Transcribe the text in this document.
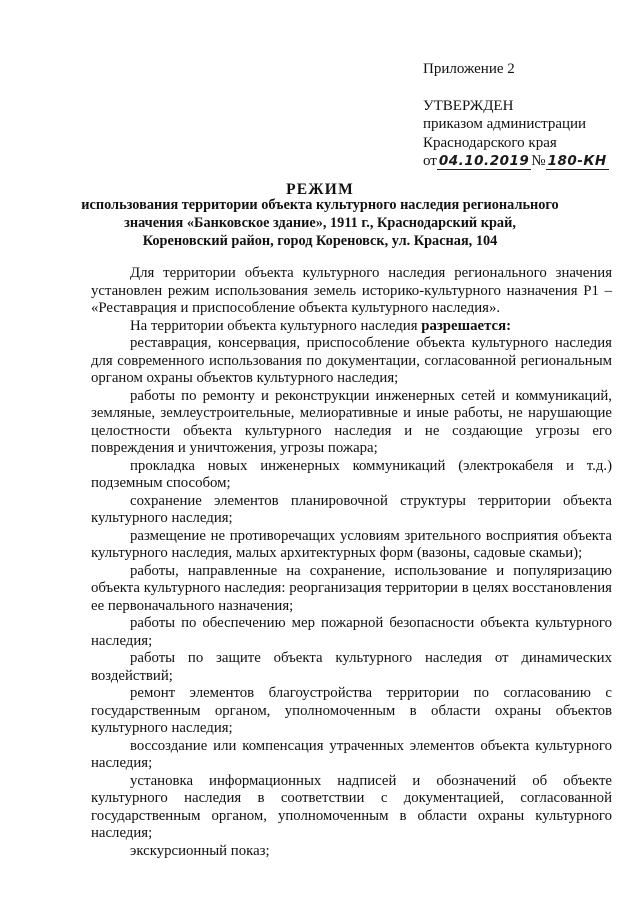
Приложение 2
УТВЕРЖДЕН
приказом администрации
Краснодарского края
от 04.10.2019 № 180-КН
РЕЖИМ
использования территории объекта культурного наследия регионального значения «Банковское здание», 1911 г., Краснодарский край, Кореновский район, город Кореновск, ул. Красная, 104

Для территории объекта культурного наследия регионального значения установлен режим использования земель историко-культурного назначения Р1 – «Реставрация и приспособление объекта культурного наследия».

На территории объекта культурного наследия разрешается:

реставрация, консервация, приспособление объекта культурного наследия для современного использования по документации, согласованной региональным органом охраны объектов культурного наследия;

работы по ремонту и реконструкции инженерных сетей и коммуникаций, земляные, землеустроительные, мелиоративные и иные работы, не нарушающие целостности объекта культурного наследия и не создающие угрозы его повреждения и уничтожения, угрозы пожара;

прокладка новых инженерных коммуникаций (электрокабеля и т.д.) подземным способом;

сохранение элементов планировочной структуры территории объекта культурного наследия;

размещение не противоречащих условиям зрительного восприятия объекта культурного наследия, малых архитектурных форм (вазоны, садовые скамьи);

работы, направленные на сохранение, использование и популяризацию объекта культурного наследия: реорганизация территории в целях восстановления ее первоначального назначения;

работы по обеспечению мер пожарной безопасности объекта культурного наследия;

работы по защите объекта культурного наследия от динамических воздействий;

ремонт элементов благоустройства территории по согласованию с государственным органом, уполномоченным в области охраны объектов культурного наследия;

воссоздание или компенсация утраченных элементов объекта культурного наследия;

установка информационных надписей и обозначений об объекте культурного наследия в соответствии с документацией, согласованной государственным органом, уполномоченным в области охраны культурного наследия;

экскурсионный показ;
